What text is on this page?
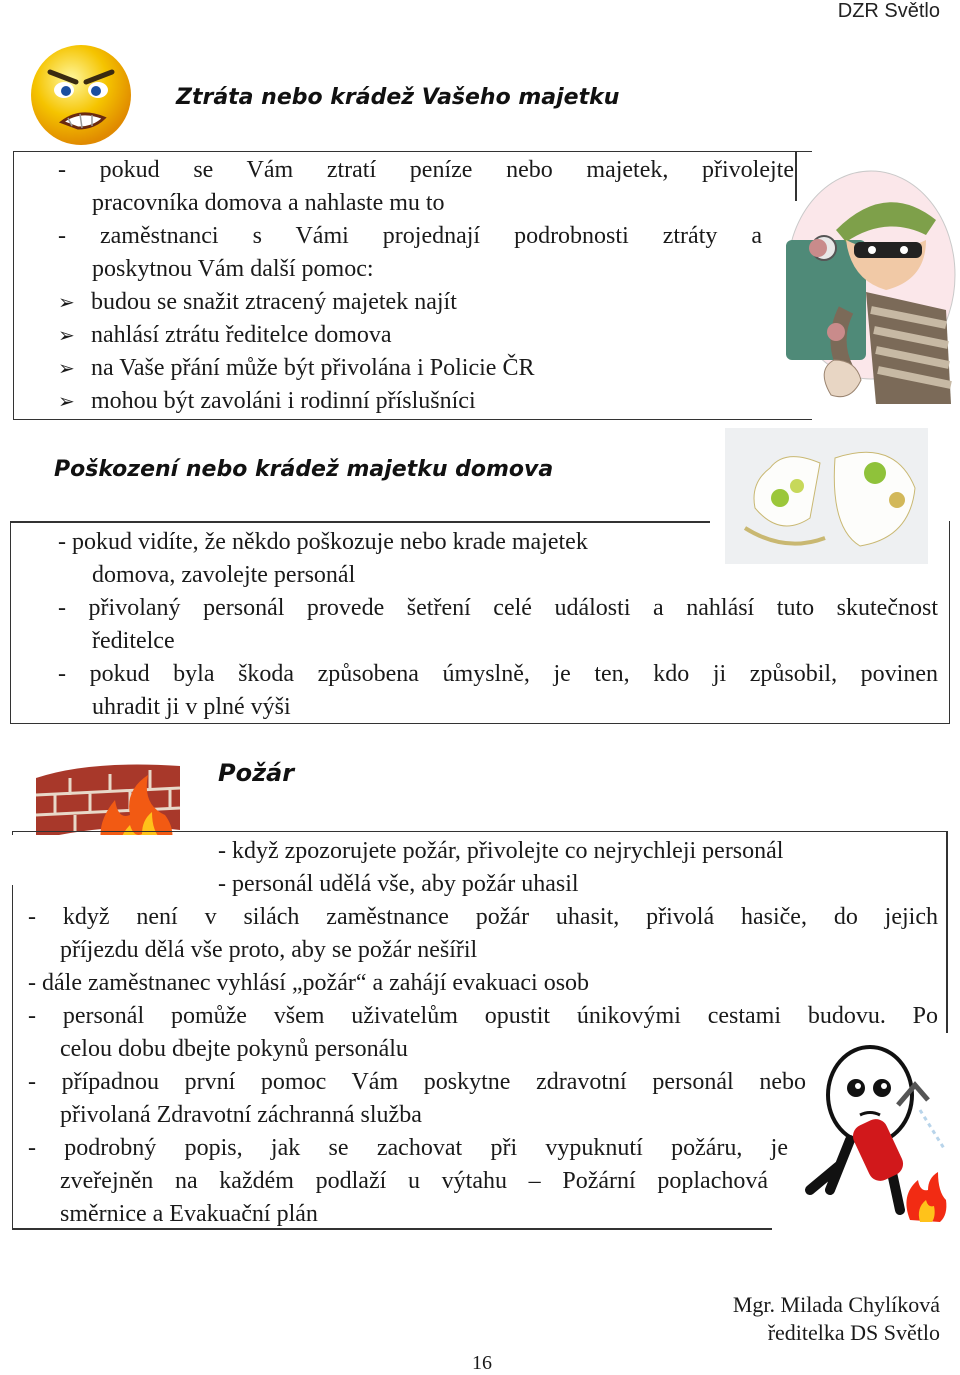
DZR Světlo
Ztráta nebo krádež Vašeho majetku
- pokud se Vám ztratí peníze nebo majetek, přivolejte
pracovníka domova a nahlaste mu to
- zaměstnanci s Vámi projednají podrobnosti ztráty a
poskytnou Vám další pomoc:
➢ budou se snažit ztracený majetek najít
➢ nahlásí ztrátu ředitelce domova
➢ na Vaše přání může být přivolána i Policie ČR
➢ mohou být zavoláni i rodinní příslušníci
Poškození nebo krádež majetku domova
- pokud vidíte, že někdo poškozuje nebo krade majetek
domova, zavolejte personál
- přivolaný personál provede šetření celé události a nahlásí tuto skutečnost
ředitelce
- pokud byla škoda způsobena úmyslně, je ten, kdo ji způsobil, povinen
uhradit ji v plné výši
Požár
- když zpozorujete požár, přivolejte co nejrychleji personál
- personál udělá vše, aby požár uhasil
- když není v silách zaměstnance požár uhasit, přivolá hasiče, do jejich
příjezdu dělá vše proto, aby se požár nešířil
- dále zaměstnanec vyhlásí „požár“ a zahájí evakuaci osob
- personál pomůže všem uživatelům opustit únikovými cestami budovu. Po
celou dobu dbejte pokynů personálu
- případnou první pomoc Vám poskytne zdravotní personál nebo
přivolaná Zdravotní záchranná služba
- podrobný popis, jak se zachovat při vypuknutí požáru, je
zveřejněn na každém podlaží u výtahu – Požární poplachová
směrnice a Evakuační plán
Mgr. Milada Chylíková
ředitelka DS Světlo
16
